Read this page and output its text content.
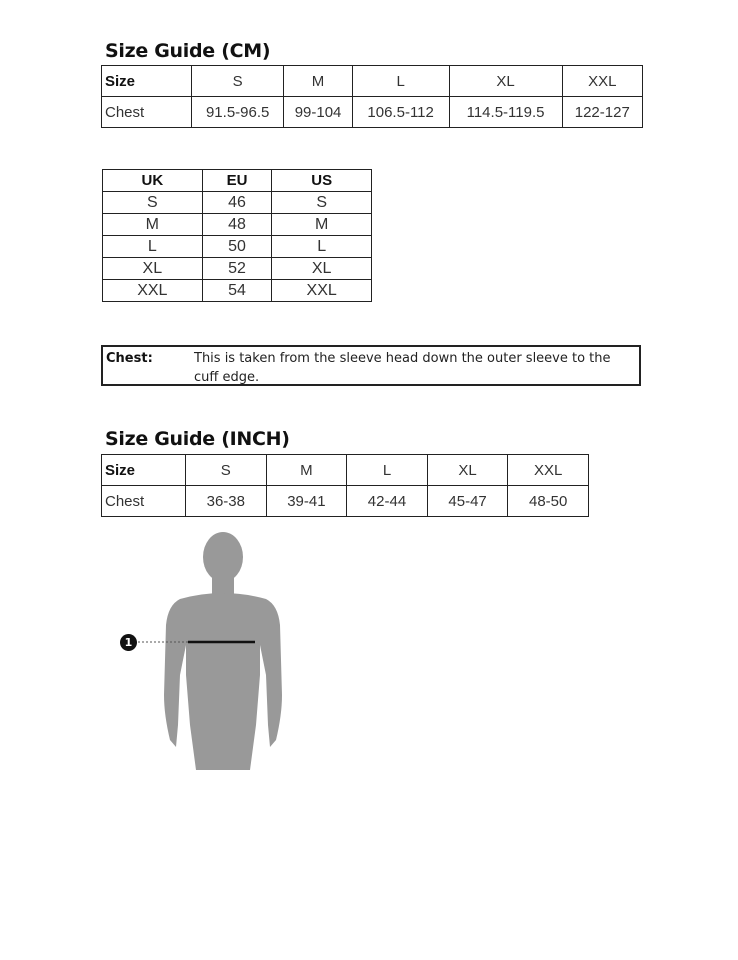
Size Guide (CM)
Size	S	M	L	XL	XXL
Chest	91.5-96.5	99-104	106.5-112	114.5-119.5	122-127
UK	EU	US
S	46	S
M	48	M
L	50	L
XL	52	XL
XXL	54	XXL
Chest:	This is taken from the sleeve head down the outer sleeve to the cuff edge.
Size Guide (INCH)
Size	S	M	L	XL	XXL
Chest	36-38	39-41	42-44	45-47	48-50
1
